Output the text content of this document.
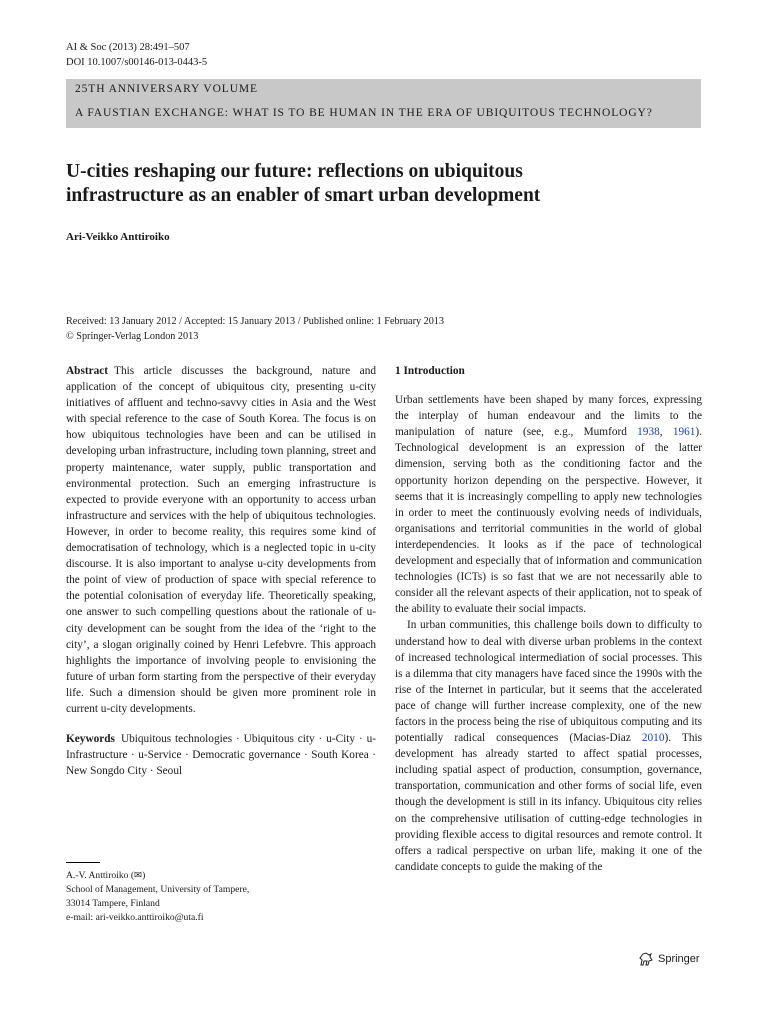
AI & Soc (2013) 28:491–507
DOI 10.1007/s00146-013-0443-5
25TH ANNIVERSARY VOLUME
A FAUSTIAN EXCHANGE: WHAT IS TO BE HUMAN IN THE ERA OF UBIQUITOUS TECHNOLOGY?
U-cities reshaping our future: reflections on ubiquitous
infrastructure as an enabler of smart urban development
Ari-Veikko Anttiroiko
Received: 13 January 2012 / Accepted: 15 January 2013 / Published online: 1 February 2013
© Springer-Verlag London 2013

Abstract This article discusses the background, nature and application of the concept of ubiquitous city, presenting u-city initiatives of affluent and techno-savvy cities in Asia and the West with special reference to the case of South Korea. The focus is on how ubiquitous technologies have been and can be utilised in developing urban infrastructure, including town planning, street and property maintenance, water supply, public transportation and environmental protection. Such an emerging infrastructure is expected to provide everyone with an opportunity to access urban infrastructure and services with the help of ubiquitous technologies. However, in order to become reality, this requires some kind of democratisation of technology, which is a neglected topic in u-city discourse. It is also important to analyse u-city developments from the point of view of production of space with special reference to the potential colonisation of everyday life. Theoretically speaking, one answer to such compelling questions about the rationale of u-city development can be sought from the idea of the ‘right to the city’, a slogan originally coined by Henri Lefebvre. This approach highlights the importance of involving people to envisioning the future of urban form starting from the perspective of their everyday life. Such a dimension should be given more prominent role in current u-city developments.

Keywords Ubiquitous technologies · Ubiquitous city · u-City · u-Infrastructure · u-Service · Democratic governance · South Korea · New Songdo City · Seoul

A.-V. Anttiroiko (✉)
School of Management, University of Tampere,
33014 Tampere, Finland
e-mail: ari-veikko.anttiroiko@uta.fi

1 Introduction

Urban settlements have been shaped by many forces, expressing the interplay of human endeavour and the limits to the manipulation of nature (see, e.g., Mumford 1938, 1961). Technological development is an expression of the latter dimension, serving both as the conditioning factor and the opportunity horizon depending on the perspective. However, it seems that it is increasingly compelling to apply new technologies in order to meet the continuously evolving needs of individuals, organisations and territorial communities in the world of global interdependencies. It looks as if the pace of technological development and especially that of information and communication technologies (ICTs) is so fast that we are not necessarily able to consider all the relevant aspects of their application, not to speak of the ability to evaluate their social impacts.

In urban communities, this challenge boils down to difficulty to understand how to deal with diverse urban problems in the context of increased technological intermediation of social processes. This is a dilemma that city managers have faced since the 1990s with the rise of the Internet in particular, but it seems that the accelerated pace of change will further increase complexity, one of the new factors in the process being the rise of ubiquitous computing and its potentially radical consequences (Macias-Diaz 2010). This development has already started to affect spatial processes, including spatial aspect of production, consumption, governance, transportation, communication and other forms of social life, even though the development is still in its infancy. Ubiquitous city relies on the comprehensive utilisation of cutting-edge technologies in providing flexible access to digital resources and remote control. It offers a radical perspective on urban life, making it one of the candidate concepts to guide the making of the

Springer
